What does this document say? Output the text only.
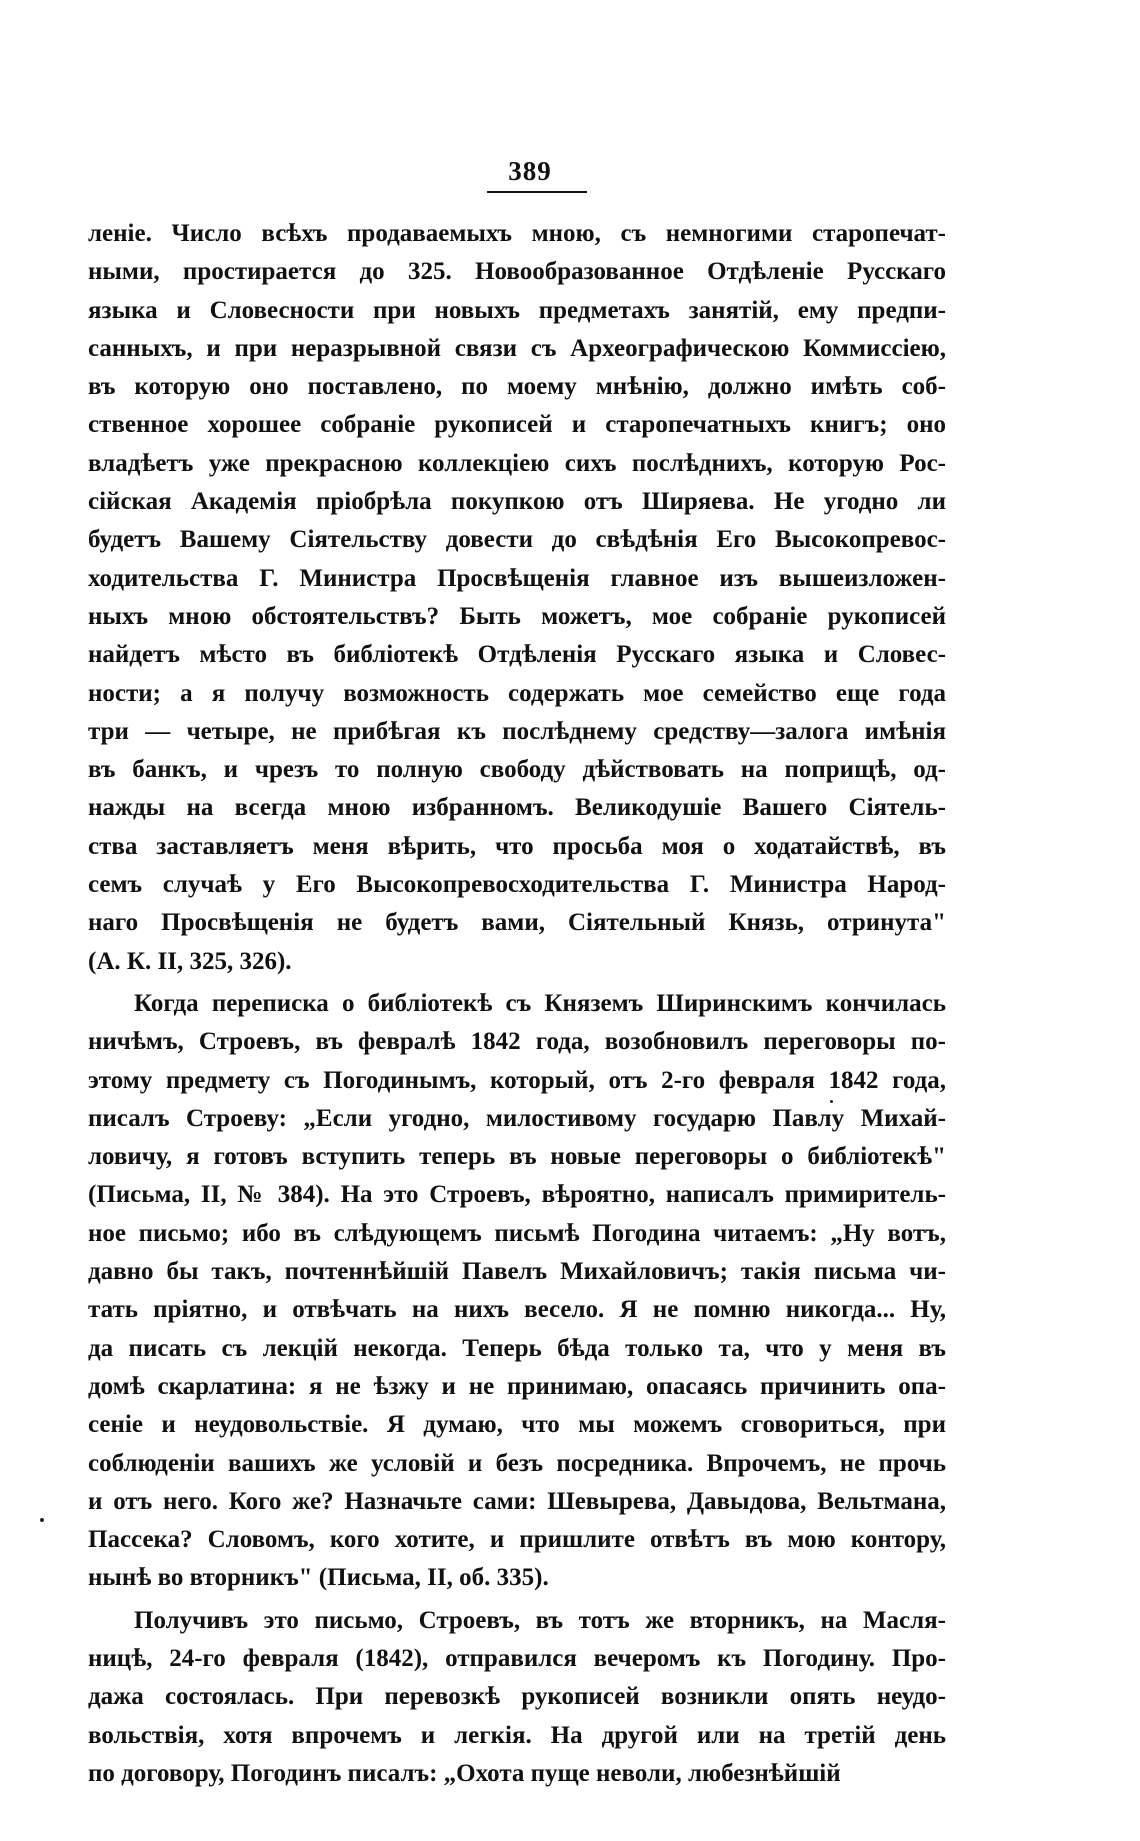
389
ленiе. Число всѣхъ продаваемыхъ мною, съ немногими старопечат-
ными, простирается до 325. Новообразованное Отдѣленiе Русскаго
языка и Словесности при новыхъ предметахъ занятiй, ему предпи-
санныхъ, и при неразрывной связи съ Археографическою Коммиссiею,
въ которую оно поставлено, по моему мнѣнiю, должно имѣть соб-
ственное хорошее собранiе рукописей и старопечатныхъ книгъ; оно
владѣетъ уже прекрасною коллекцiею сихъ послѣднихъ, которую Рос-
сiйская Академiя прiобрѣла покупкою отъ Ширяева. Не угодно ли
будетъ Вашему Сiятельству довести до свѣдѣнiя Его Высокопревос-
ходительства Г. Министра Просвѣщенiя главное изъ вышеизложен-
ныхъ мною обстоятельствъ? Быть можетъ, мое собранiе рукописей
найдетъ мѣсто въ библiотекѣ Отдѣленiя Русскаго языка и Словес-
ности; а я получу возможность содержать мое семейство еще года
три — четыре, не прибѣгая къ послѣднему средству—залога имѣнiя
въ банкъ, и чрезъ то полную свободу дѣйствовать на поприщѣ, од-
нажды на всегда мною избранномъ. Великодушiе Вашего Сiятель-
ства заставляетъ меня вѣрить, что просьба моя о ходатайствѣ, въ
семъ случаѣ у Его Высокопревосходительства Г. Министра Народ-
наго Просвѣщенiя не будетъ вами, Сiятельный Князь, отринута"
(А. К. II, 325, 326).
Когда переписка о библiотекѣ съ Княземъ Ширинскимъ кончилась
ничѣмъ, Строевъ, въ февралѣ 1842 года, возобновилъ переговоры по-
этому предмету съ Погодинымъ, который, отъ 2-го февраля 1842 года,
писалъ Строеву: „Если угодно, милостивому государю Павлу Михай-
ловичу, я готовъ вступить теперь въ новые переговоры о библiотекѣ"
(Письма, II, № 384). На это Строевъ, вѣроятно, написалъ примиритель-
ное письмо; ибо въ слѣдующемъ письмѣ Погодина читаемъ: „Ну вотъ,
давно бы такъ, почтеннѣйшiй Павелъ Михайловичъ; такiя письма чи-
тать прiятно, и отвѣчать на нихъ весело. Я не помню никогда... Ну,
да писать съ лекцiй некогда. Теперь бѣда только та, что у меня въ
домѣ скарлатина: я не ѣзжу и не принимаю, опасаясь причинить опа-
сенiе и неудовольствiе. Я думаю, что мы можемъ сговориться, при
соблюденiи вашихъ же условiй и безъ посредника. Впрочемъ, не прочь
и отъ него. Кого же? Назначьте сами: Шевырева, Давыдова, Вельтмана,
Пассека? Словомъ, кого хотите, и пришлите отвѣтъ въ мою контору,
нынѣ во вторникъ" (Письма, II, об. 335).
Получивъ это письмо, Строевъ, въ тотъ же вторникъ, на Масля-
ницѣ, 24-го февраля (1842), отправился вечеромъ къ Погодину. Про-
дажа состоялась. При перевозкѣ рукописей возникли опять неудо-
вольствiя, хотя впрочемъ и легкiя. На другой или на третiй день
по договору, Погодинъ писалъ: „Охота пуще неволи, любезнѣйшiй
